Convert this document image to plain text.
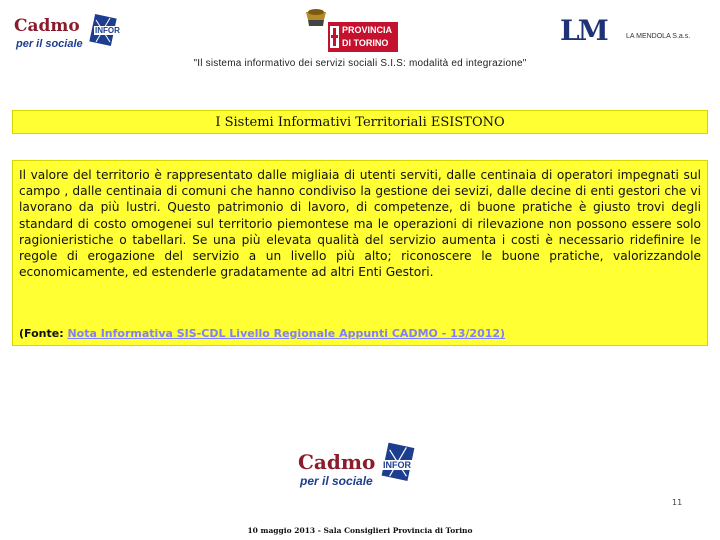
Cadmo
per il sociale
INFOR	PROVINCIA
DI TORINO	LM	LA MENDOLA S.a.s.
"Il sistema informativo dei servizi sociali S.I.S: modalità ed integrazione"
I Sistemi Informativi Territoriali ESISTONO

Il valore del territorio è rappresentato dalle migliaia di utenti serviti, dalle centinaia di operatori impegnati sul campo , dalle centinaia di comuni che hanno condiviso la gestione dei sevizi, dalle decine di enti gestori che vi lavorano da più lustri. Questo patrimonio di lavoro, di competenze, di buone pratiche è giusto trovi degli standard di costo omogenei sul territorio piemontese ma le operazioni di rilevazione non possono essere solo ragionieristiche o tabellari. Se una più elevata qualità del servizio aumenta i costi è necessario ridefinire le regole di erogazione del servizio a un livello più alto; riconoscere le buone pratiche, valorizzandole economicamente, ed estenderle gradatamente ad altri Enti Gestori.

(Fonte: Nota Informativa SIS-CDL Livello Regionale Appunti CADMO - 13/2012)
Cadmo
per il sociale
INFOR
11
10 maggio 2013 - Sala Consiglieri Provincia di Torino
